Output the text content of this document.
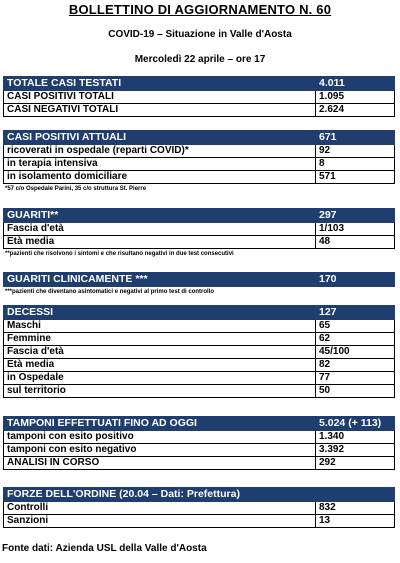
BOLLETTINO DI AGGIORNAMENTO N. 60
COVID-19 – Situazione in Valle d'Aosta
Mercoledì 22 aprile – ore 17
TOTALE CASI TESTATI	4.011
CASI POSITIVI TOTALI	1.095
CASI NEGATIVI TOTALI	2.624
CASI POSITIVI ATTUALI	671
ricoverati in ospedale (reparti COVID)*	92
in terapia intensiva	8
in isolamento domiciliare	571
*57 c/o Ospedale Parini, 35 c/o struttura St. Pierre
GUARITI**	297
Fascia d'età	1/103
Età media	48
**pazienti che risolvono i sintomi e che risultano negativi in due test consecutivi
GUARITI CLINICAMENTE ***	170
***pazienti che diventano asintomatici e negativi al primo test di controllo
DECESSI	127
Maschi	65
Femmine	62
Fascia d'età	45/100
Età media	82
in Ospedale	77
sul territorio	50
TAMPONI EFFETTUATI FINO AD OGGI	5.024 (+ 113)
tamponi con esito positivo	1.340
tamponi con esito negativo	3.392
ANALISI IN CORSO	292
FORZE DELL'ORDINE (20.04 – Dati: Prefettura)	
Controlli	832
Sanzioni	13
Fonte dati: Azienda USL della Valle d'Aosta
